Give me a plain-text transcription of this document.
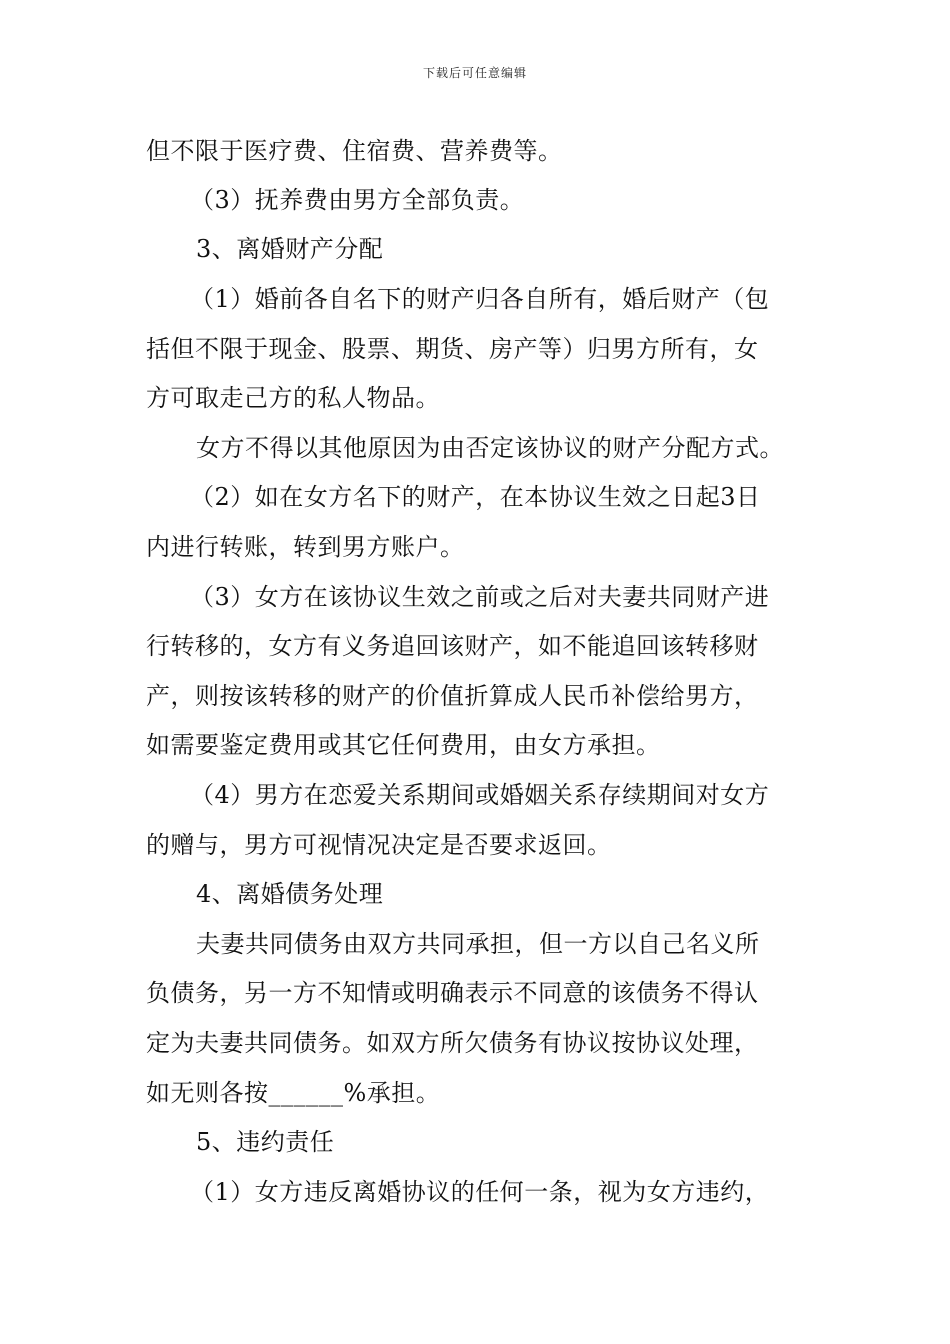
下载后可任意编辑
但不限于医疗费、住宿费、营养费等。
（3）抚养费由男方全部负责。
3、离婚财产分配
（1）婚前各自名下的财产归各自所有，婚后财产（包
括但不限于现金、股票、期货、房产等）归男方所有，女
方可取走己方的私人物品。
女方不得以其他原因为由否定该协议的财产分配方式。
（2）如在女方名下的财产，在本协议生效之日起3日
内进行转账，转到男方账户。
（3）女方在该协议生效之前或之后对夫妻共同财产进
行转移的，女方有义务追回该财产，如不能追回该转移财
产，则按该转移的财产的价值折算成人民币补偿给男方，
如需要鉴定费用或其它任何费用，由女方承担。
（4）男方在恋爱关系期间或婚姻关系存续期间对女方
的赠与，男方可视情况决定是否要求返回。
4、离婚债务处理
夫妻共同债务由双方共同承担，但一方以自己名义所
负债务，另一方不知情或明确表示不同意的该债务不得认
定为夫妻共同债务。如双方所欠债务有协议按协议处理，
如无则各按______%承担。
5、违约责任
（1）女方违反离婚协议的任何一条，视为女方违约，
